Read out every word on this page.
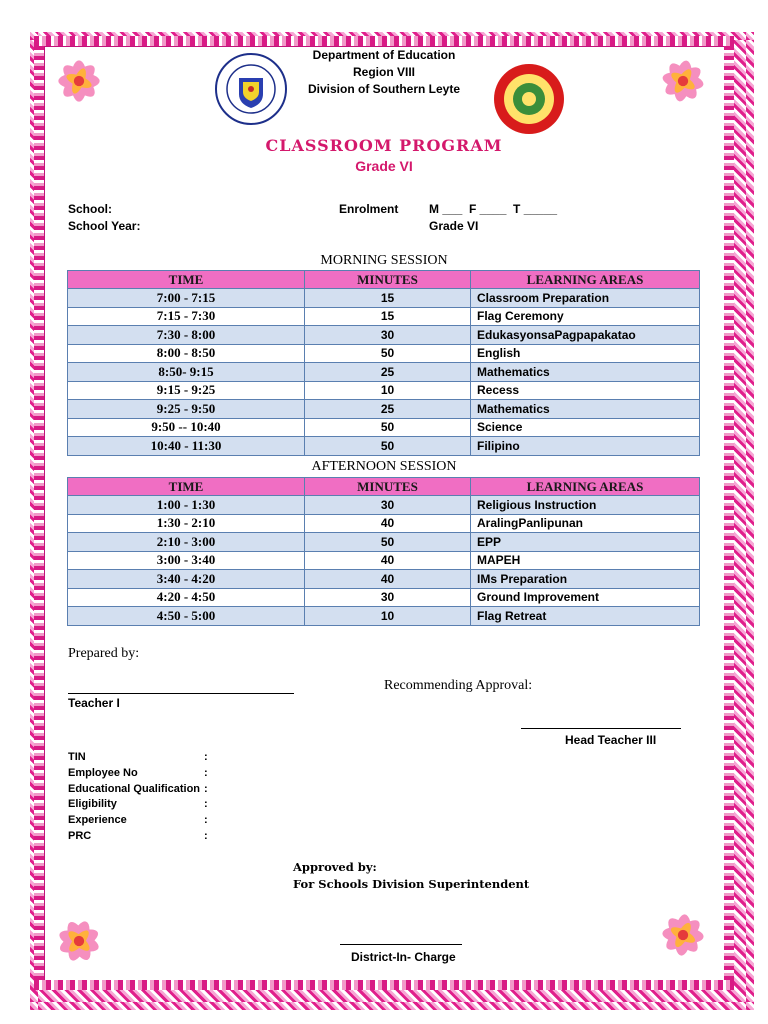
Department of Education
Region VIII
Division of Southern Leyte
CLASSROOM PROGRAM
Grade VI
School:
School Year:
Enrolment	M ___  F ____  T _____
Grade VI
MORNING SESSION
TIME	MINUTES	LEARNING AREAS
7:00 - 7:15	15	Classroom Preparation
7:15 - 7:30	15	Flag Ceremony
7:30 - 8:00	30	EdukasyonsaPagpapakatao
8:00 - 8:50	50	English
8:50- 9:15	25	Mathematics
9:15 - 9:25	10	Recess
9:25 - 9:50	25	Mathematics
9:50 -- 10:40	50	Science
10:40 - 11:30	50	Filipino
AFTERNOON SESSION
TIME	MINUTES	LEARNING AREAS
1:00 - 1:30	30	Religious Instruction
1:30 - 2:10	40	AralingPanlipunan
2:10 - 3:00	50	EPP
3:00 - 3:40	40	MAPEH
3:40 - 4:20	40	IMs Preparation
4:20 - 4:50	30	Ground Improvement
4:50 - 5:00	10	Flag Retreat
Prepared by:
Teacher I
Recommending Approval:
Head Teacher III
TIN	:
Employee No	:
Educational Qualification :
Eligibility	:
Experience	:
PRC	:
Approved by:
For Schools Division Superintendent
District-In- Charge
